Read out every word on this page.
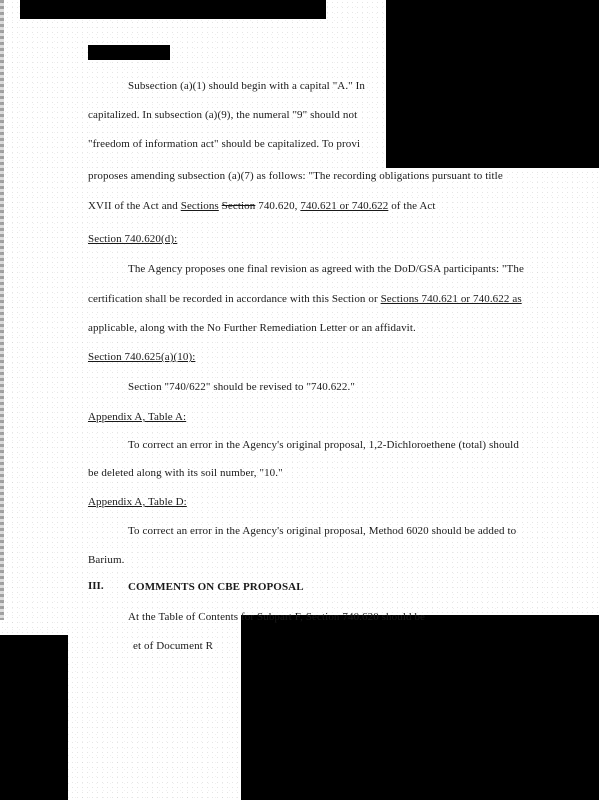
Subsection (a)(1) should begin with a capital "A." In
capitalized. In subsection (a)(9), the numeral "9" should not
"freedom of information act" should be capitalized. To provi
proposes amending subsection (a)(7) as follows: "The recording obligations pursuant to title
XVII of the Act and Sections Section 740.620, 740.621 or 740.622 of the Act
Section 740.620(d):
The Agency proposes one final revision as agreed with the DoD/GSA participants: "The
certification shall be recorded in accordance with this Section or Sections 740.621 or 740.622 as
applicable, along with the No Further Remediation Letter or an affidavit.
Section 740.625(a)(10):
Section "740/622" should be revised to "740.622."
Appendix A, Table A:
To correct an error in the Agency's original proposal, 1,2-Dichloroethene (total) should
be deleted along with its soil number, "10."
Appendix A, Table D:
To correct an error in the Agency's original proposal, Method 6020 should be added to
Barium.
III. COMMENTS ON CBE PROPOSAL
At the Table of Contents for Subpart F, Section 740.620 should be
et of Document R
